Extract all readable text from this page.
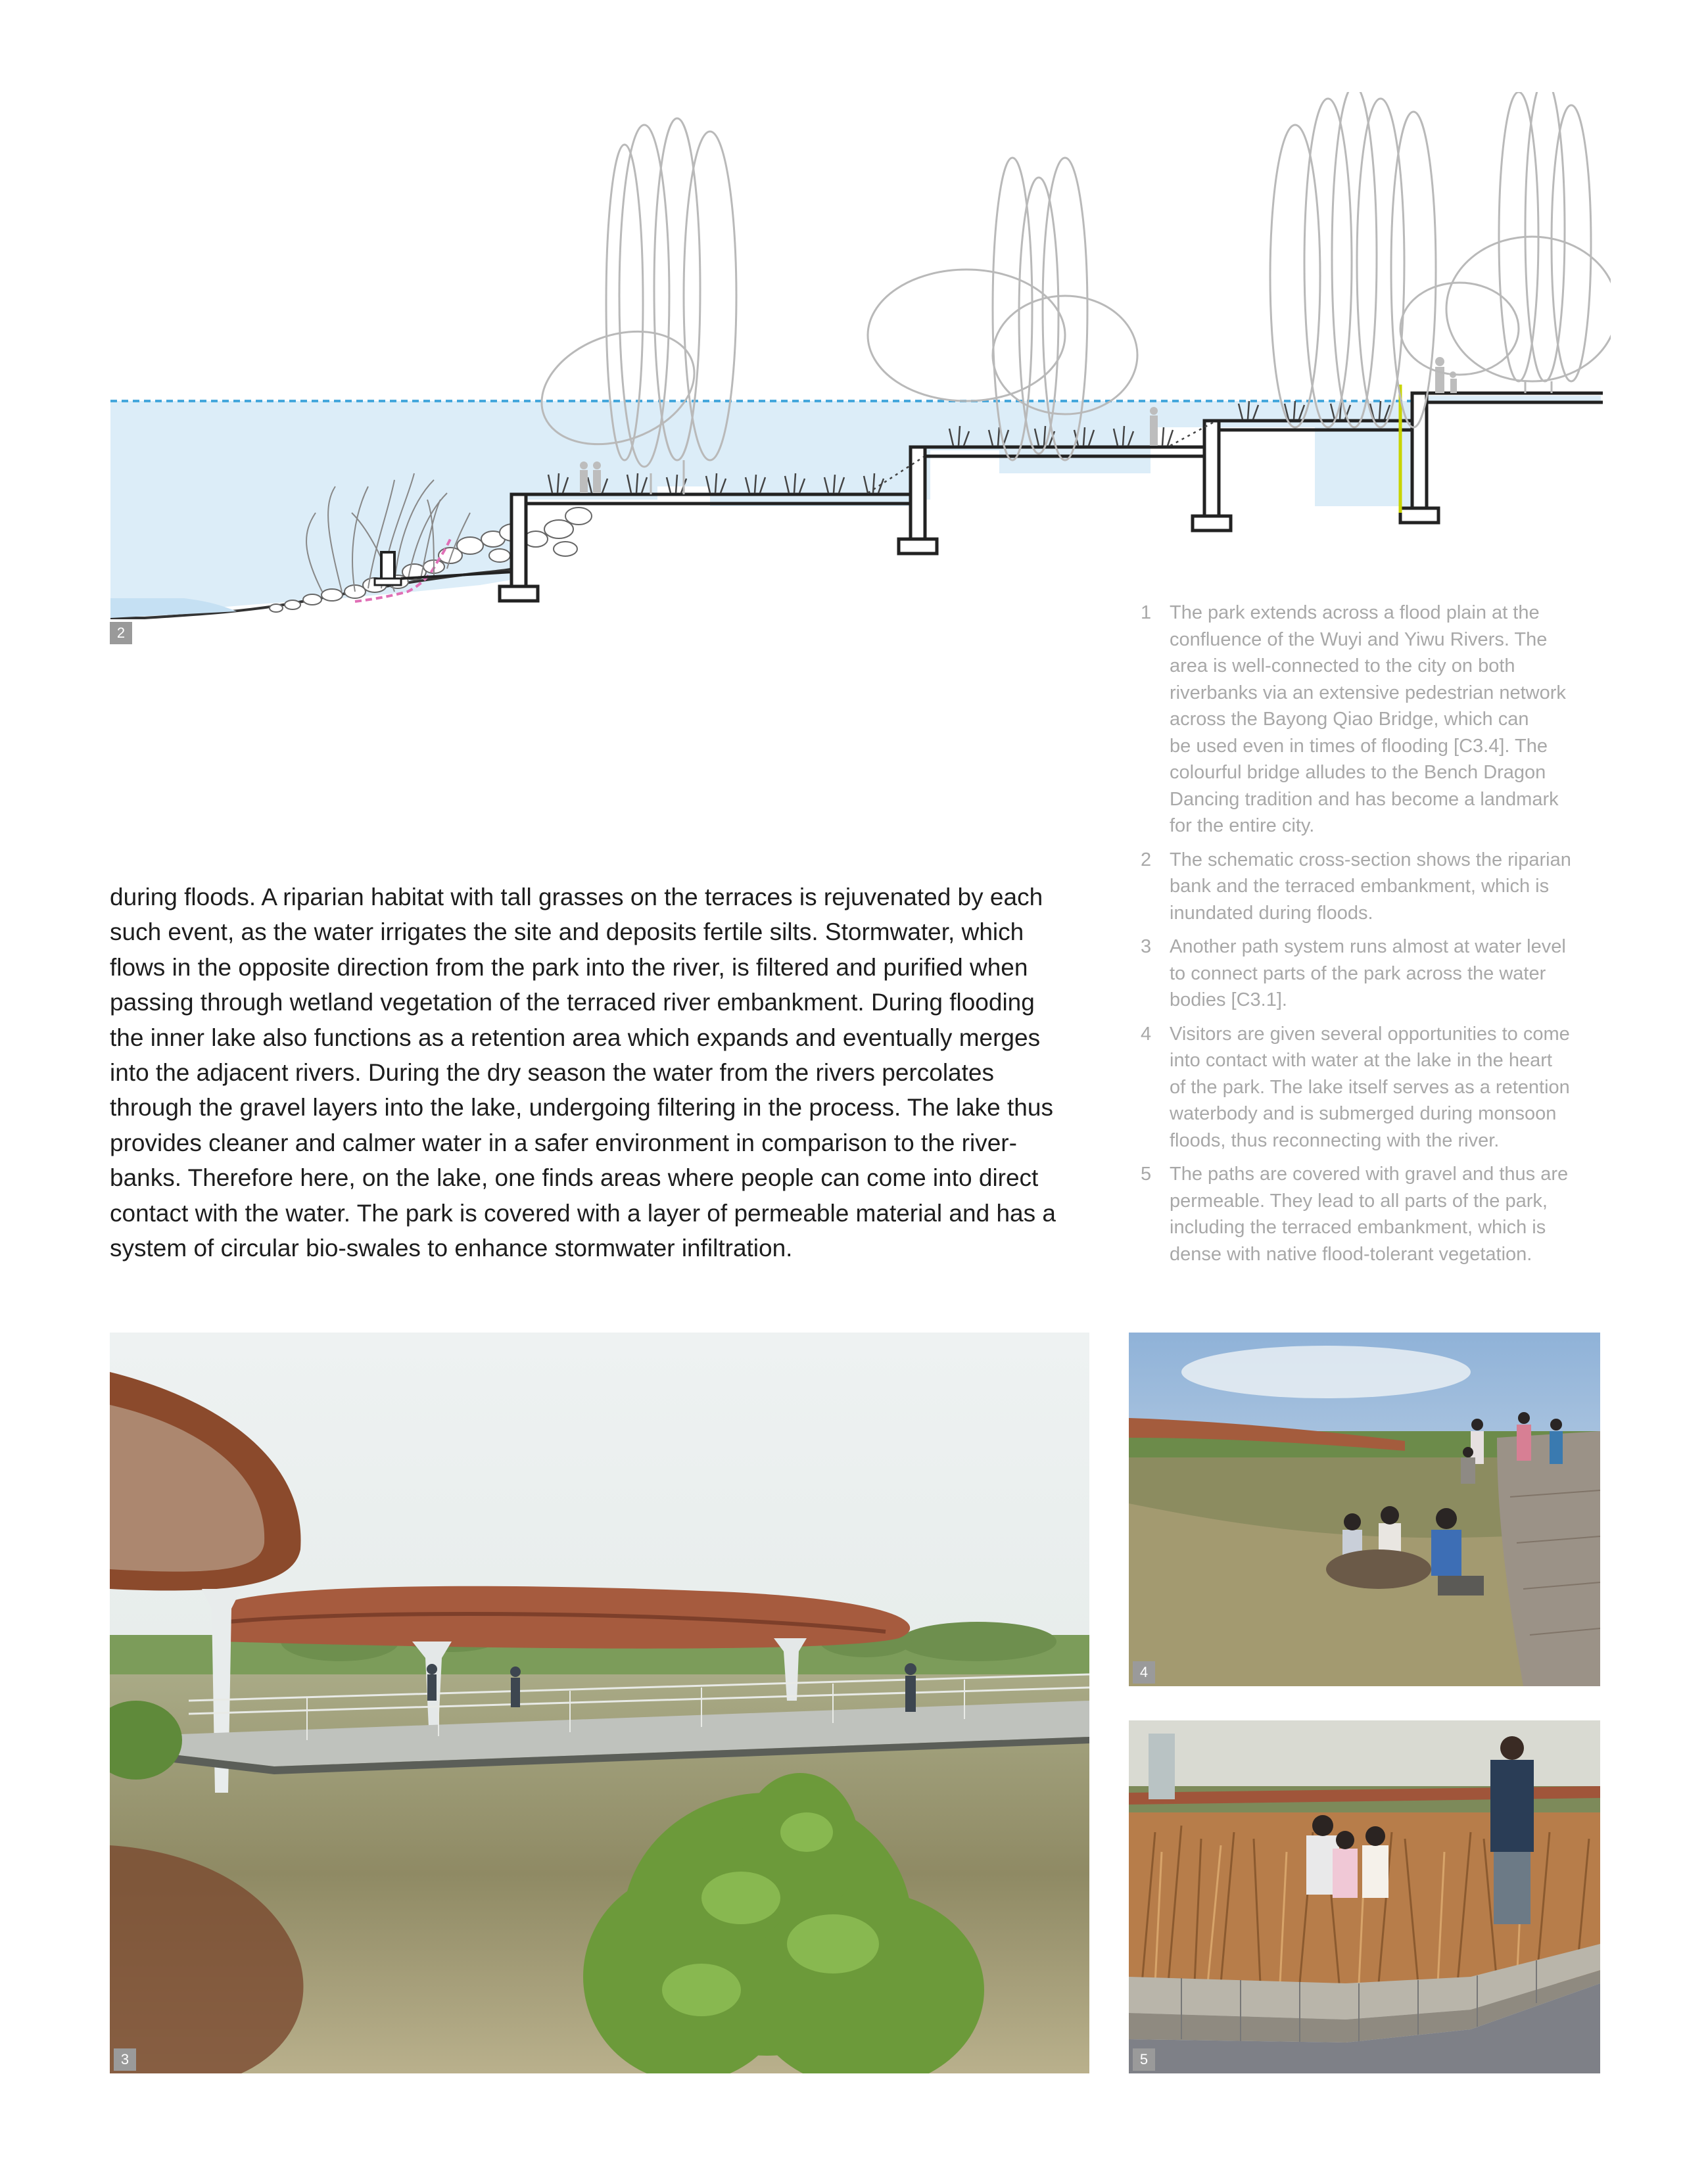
2
during floods. A riparian habitat with tall grasses on the terraces is rejuvenated by each
such event, as the water irrigates the site and deposits fertile silts. Stormwater, which
flows in the opposite direction from the park into the river, is filtered and purified when
passing through wetland vegetation of the terraced river embankment. During flooding
the inner lake also functions as a retention area which expands and eventually merges
into the adjacent rivers. During the dry season the water from the rivers percolates
through the gravel layers into the lake, undergoing filtering in the process. The lake thus
provides cleaner and calmer water in a safer environment in comparison to the river-
banks. Therefore here, on the lake, one finds areas where people can come into direct
contact with the water. The park is covered with a layer of permeable material and has a
system of circular bio-swales to enhance stormwater infiltration.
1 The park extends across a flood plain at the
confluence of the Wuyi and Yiwu Rivers. The
area is well-connected to the city on both
riverbanks via an extensive pedestrian network
across the Bayong Qiao Bridge, which can
be used even in times of flooding [C3.4]. The
colourful bridge alludes to the Bench Dragon
Dancing tradition and has become a landmark
for the entire city.
2 The schematic cross-section shows the riparian
bank and the terraced embankment, which is
inundated during floods.
3 Another path system runs almost at water level
to connect parts of the park across the water
bodies [C3.1].
4 Visitors are given several opportunities to come
into contact with water at the lake in the heart
of the park. The lake itself serves as a retention
waterbody and is submerged during monsoon
floods, thus reconnecting with the river.
5 The paths are covered with gravel and thus are
permeable. They lead to all parts of the park,
including the terraced embankment, which is
dense with native flood-tolerant vegetation.
3
4
5
